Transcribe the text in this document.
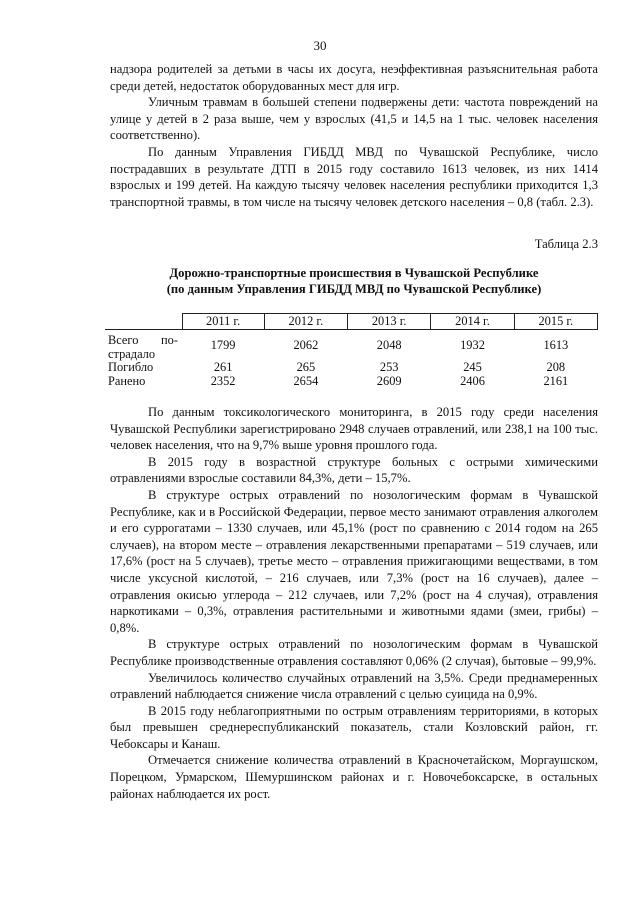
30

надзора родителей за детьми в часы их досуга, неэффективная разъяснительная работа среди детей, недостаток оборудованных мест для игр.

Уличным травмам в большей степени подвержены дети: частота повреждений на улице у детей в 2 раза выше, чем у взрослых (41,5 и 14,5 на 1 тыс. человек населения соответственно).

По данным Управления ГИБДД МВД по Чувашской Республике, число пострадавших в результате ДТП в 2015 году составило 1613 человек, из них 1414 взрослых и 199 детей. На каждую тысячу человек населения республики приходится 1,3 транспортной травмы, в том числе на тысячу человек детского населения – 0,8 (табл. 2.3).

Таблица 2.3
Дорожно-транспортные происшествия в Чувашской Республике
(по данным Управления ГИБДД МВД по Чувашской Республике)
	2011 г.	2012 г.	2013 г.	2014 г.	2015 г.

Всего по-
страдало	1799	2062	2048	1932	1613
Погибло	261	265	253	245	208
Ранено	2352	2654	2609	2406	2161

По данным токсикологического мониторинга, в 2015 году среди населения Чувашской Республики зарегистрировано 2948 случаев отравлений, или 238,1 на 100 тыс. человек населения, что на 9,7% выше уровня прошлого года.

В 2015 году в возрастной структуре больных с острыми химическими отравлениями взрослые составили 84,3%, дети – 15,7%.

В структуре острых отравлений по нозологическим формам в Чувашской Республике, как и в Российской Федерации, первое место занимают отравления алкоголем и его суррогатами – 1330 случаев, или 45,1% (рост по сравнению с 2014 годом на 265 случаев), на втором месте – отравления лекарственными препаратами – 519 случаев, или 17,6% (рост на 5 случаев), третье место – отравления прижигающими веществами, в том числе уксусной кислотой, – 216 случаев, или 7,3% (рост на 16 случаев), далее – отравления окисью углерода – 212 случаев, или 7,2% (рост на 4 случая), отравления наркотиками – 0,3%, отравления растительными и животными ядами (змеи, грибы) – 0,8%.

В структуре острых отравлений по нозологическим формам в Чувашской Республике производственные отравления составляют 0,06% (2 случая), бытовые – 99,9%.

Увеличилось количество случайных отравлений на 3,5%. Среди преднамеренных отравлений наблюдается снижение числа отравлений с целью суицида на 0,9%.

В 2015 году неблагоприятными по острым отравлениям территориями, в которых был превышен среднереспубликанский показатель, стали Козловский район, гг. Чебоксары и Канаш.

Отмечается снижение количества отравлений в Красночетайском, Моргаушском, Порецком, Урмарском, Шемуршинском районах и г. Новочебоксарске, в остальных районах наблюдается их рост.
